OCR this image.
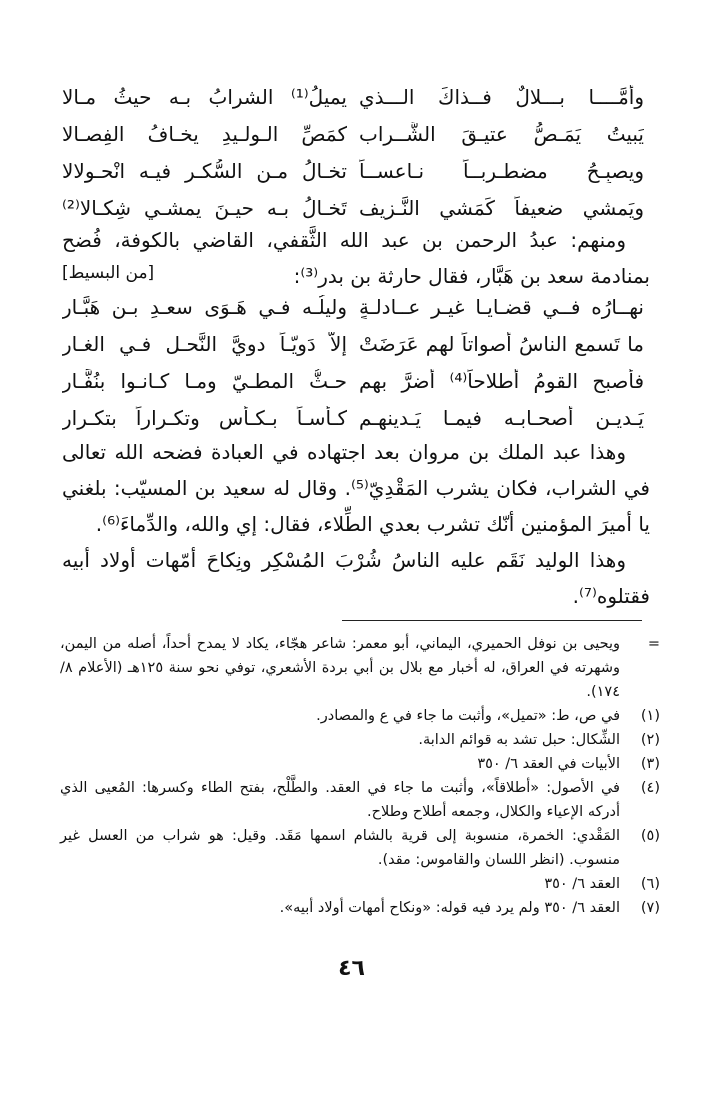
وأَمَّــــا بـــلالٌ فــذاكَ الـــذي
يميلُ⁽¹⁾ الشرابُ بـه حيثُ مـالا
يَبيتُ يَمَـصُّ عتيـقَ الشَّــراب
كمَصِّ الـولـيدِ يخـافُ الفِصـالا
ويصبِـحُ مضطـربــاً نـاعســاً
تخـالُ مـن السُّكـر فيـه انْحـولالا
ويَمشي ضعيفاً كَمَشي النَّـزيف
تَخـالُ بـه حيـنَ يمشـي شِكـالا⁽²⁾

ومنهم: عبدُ الرحمن بن عبد الله الثَّقفي، القاضي بالكوفة، فُضح بمنادمة سعد بن هَبَّار، فقال حارثة بن بدر⁽³⁾:

[من البسيط]
نهــارُه فــي قضـايـا غيـرِ عــادلـةٍ
وليلُـه فـي هَـوَى سعـدِ بـن هَبَّـارِ
ما تَسمع الناسُ أصواتاً لهم عَرَضَتْ
إلاَّ دَوِيّـاً دويَّ النَّحـل فـي الغـارِ
فأصبح القومُ أطلاحاً⁽⁴⁾ أضرَّ بهم
حـثُّ المطـيّ ومـا كـانـوا بنُفَّـار
يَـديـن أصحـابـه فيمـا يَـدينهـم
كـأسـاً بـكـأسٍ وتكـراراً بتكـرار

وهذا عبد الملك بن مروان بعد اجتهاده في العبادة فضحه الله تعالى في الشراب، فكان يشرب المَقْدِيّ⁽⁵⁾. وقال له سعيد بن المسيّب: بلغني يا أميرَ المؤمنين أنّك تشرب بعدي الطِّلاء، فقال: إي والله، والدِّماءَ⁽⁶⁾.

وهذا الوليد نَقَم عليه الناسُ شُرْبَ المُسْكِر ونِكاحَ أمّهات أولاد أبيه فقتلوه⁽⁷⁾.

=
ويحيى بن نوفل الحميري، اليماني، أبو معمر: شاعر هجّاء، يكاد لا يمدح أحداً، أصله من اليمن، وشهرته في العراق، له أخبار مع بلال بن أبي بردة الأشعري، توفي نحو سنة ١٢٥هـ (الأعلام ٨/ ١٧٤).
(١)
في ص، ط: «تميل»، وأثبت ما جاء في ع والمصادر.
(٢)
الشِّكال: حبل تشد به قوائم الدابة.
(٣)
الأبيات في العقد ٦/ ٣٥٠
(٤)
في الأصول: «أطلاقاً»، وأثبت ما جاء في العقد. والطَّلْح، بفتح الطاء وكسرها: المُعيى الذي أدركه الإعياء والكلال، وجمعه أطلاح وطلاح.
(٥)
المَقْدي: الخمرة، منسوبة إلى قرية بالشام اسمها مَقَد. وقيل: هو شراب من العسل غير منسوب. (انظر اللسان والقاموس: مقد).
(٦)
العقد ٦/ ٣٥٠
(٧)
العقد ٦/ ٣٥٠ ولم يرد فيه قوله: «ونكاح أمهات أولاد أبيه».
٤٦
